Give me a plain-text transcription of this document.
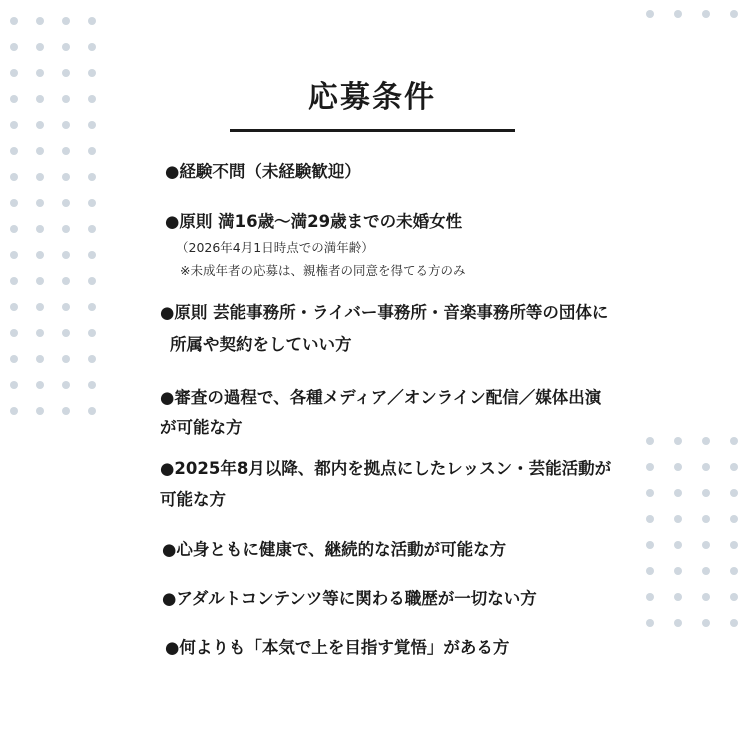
応募条件
●経験不問（未経験歓迎）
●原則 満16歳〜満29歳までの未婚女性
（2026年4月1日時点での満年齢）
※未成年者の応募は、親権者の同意を得てる方のみ
●原則 芸能事務所・ライバー事務所・音楽事務所等の団体に
所属や契約をしていい方
●審査の過程で、各種メディア／オンライン配信／媒体出演
が可能な方
●2025年8月以降、都内を拠点にしたレッスン・芸能活動が
可能な方
●心身ともに健康で、継続的な活動が可能な方
●アダルトコンテンツ等に関わる職歴が一切ない方
●何よりも「本気で上を目指す覚悟」がある方
